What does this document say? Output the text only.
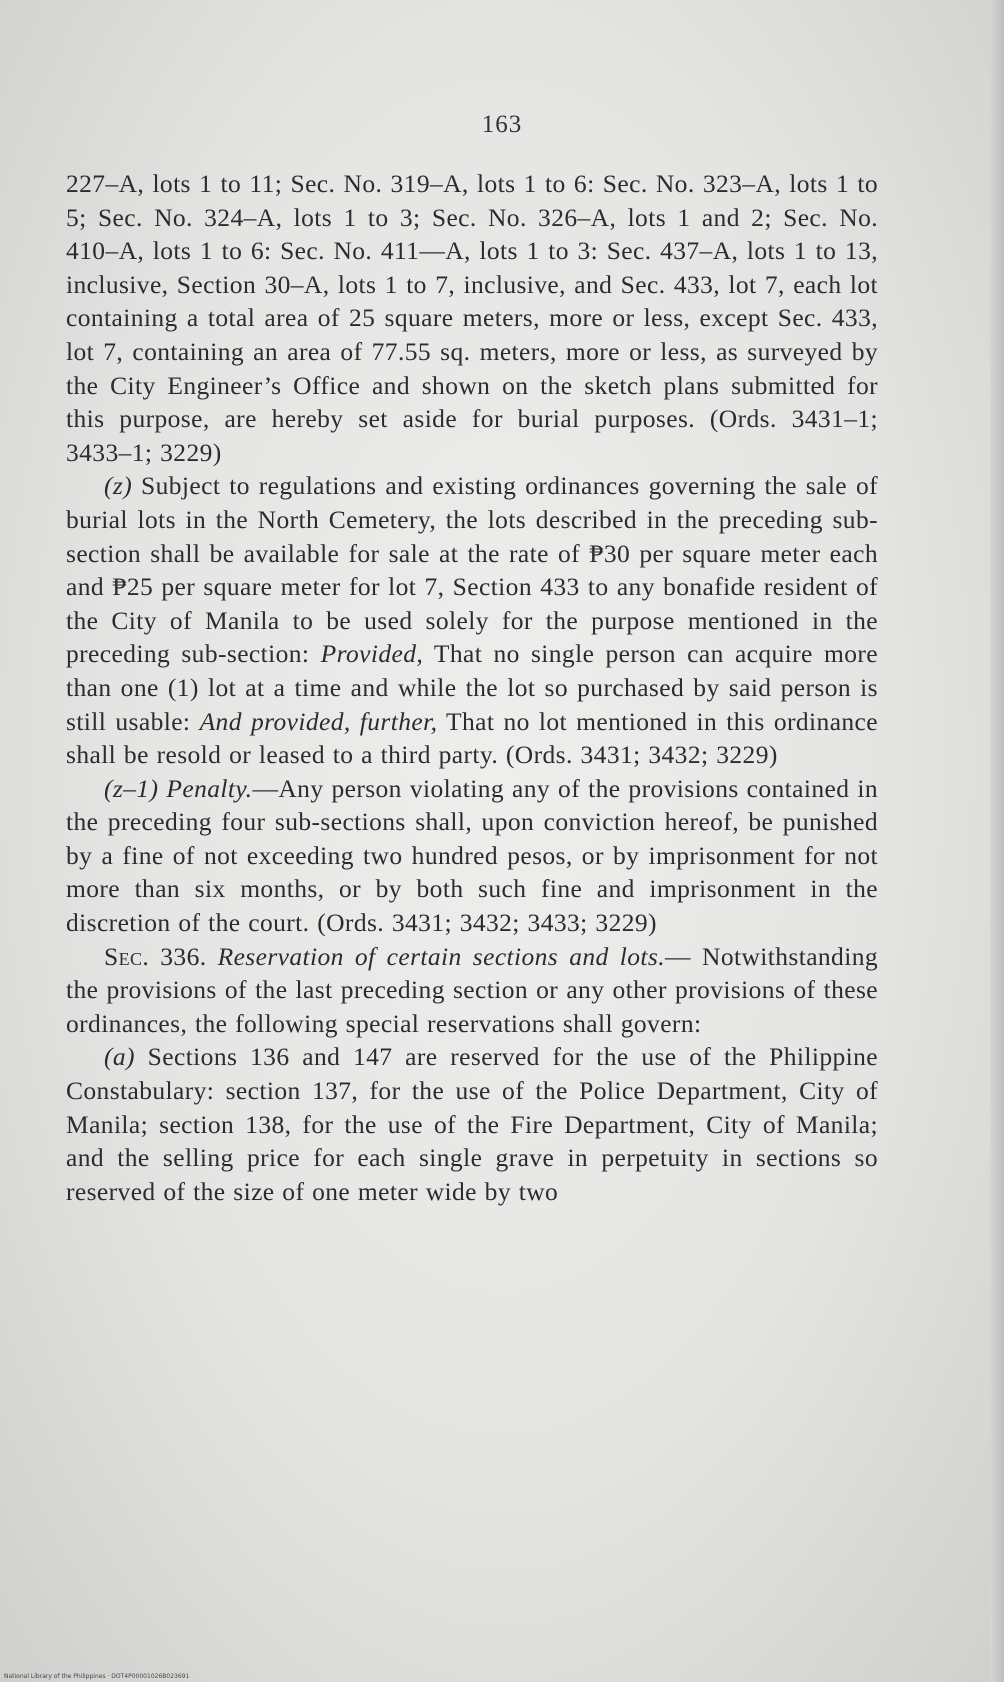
163

227–A, lots 1 to 11; Sec. No. 319–A, lots 1 to 6: Sec. No. 323–A, lots 1 to 5; Sec. No. 324–A, lots 1 to 3; Sec. No. 326–A, lots 1 and 2; Sec. No. 410–A, lots 1 to 6: Sec. No. 411—A, lots 1 to 3: Sec. 437–A, lots 1 to 13, inclusive, Section 30–A, lots 1 to 7, inclusive, and Sec. 433, lot 7, each lot containing a total area of 25 square meters, more or less, except Sec. 433, lot 7, containing an area of 77.55 sq. meters, more or less, as surveyed by the City Engineer’s Office and shown on the sketch plans submitted for this purpose, are hereby set aside for burial purposes. (Ords. 3431–1; 3433–1; 3229)

(z) Subject to regulations and existing ordinances governing the sale of burial lots in the North Cemetery, the lots described in the preceding sub-section shall be available for sale at the rate of ₱30 per square meter each and ₱25 per square meter for lot 7, Section 433 to any bonafide resident of the City of Manila to be used solely for the purpose mentioned in the preceding sub-section: Provided, That no single person can acquire more than one (1) lot at a time and while the lot so purchased by said person is still usable: And provided, further, That no lot mentioned in this ordinance shall be resold or leased to a third party. (Ords. 3431; 3432; 3229)

(z–1) Penalty.—Any person violating any of the provisions contained in the preceding four sub-sections shall, upon conviction hereof, be punished by a fine of not exceeding two hundred pesos, or by imprisonment for not more than six months, or by both such fine and imprisonment in the discretion of the court. (Ords. 3431; 3432; 3433; 3229)

Sec. 336. Reservation of certain sections and lots.— Notwithstanding the provisions of the last preceding section or any other provisions of these ordinances, the following special reservations shall govern:

(a) Sections 136 and 147 are reserved for the use of the Philippine Constabulary: section 137, for the use of the Police Department, City of Manila; section 138, for the use of the Fire Department, City of Manila; and the selling price for each single grave in perpetuity in sections so reserved of the size of one meter wide by two

National Library of the Philippines · DOT4P00001026B023691
